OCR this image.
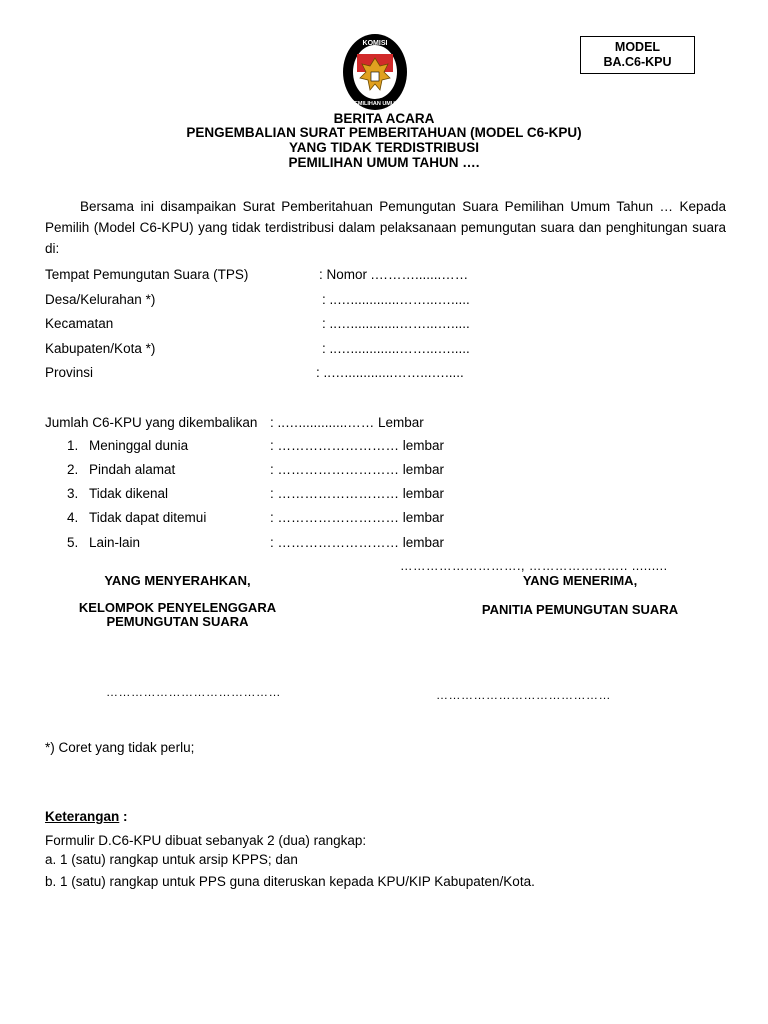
MODEL
BA.C6-KPU
KOMISI
PEMILIHAN UMUM
BERITA ACARA
PENGEMBALIAN SURAT PEMBERITAHUAN (MODEL C6-KPU)
YANG TIDAK TERDISTRIBUSI
PEMILIHAN UMUM TAHUN ….
Bersama ini disampaikan Surat Pemberitahuan Pemungutan Suara Pemilihan Umum Tahun … Kepada Pemilih (Model C6-KPU) yang tidak terdistribusi dalam pelaksanaan pemungutan suara dan penghitungan suara di:
Tempat Pemungutan Suara (TPS)	: Nomor .……….......……
Desa/Kelurahan *)	: ..….............……...….....
Kecamatan	: ..….............……...….....
Kabupaten/Kota *)	: ..….............……...….....
Provinsi	: ..….............……...….....
Jumlah C6-KPU yang dikembalikan : ..….............…… Lembar
1. Meninggal dunia	: ……………………… lembar
2. Pindah alamat	: ……………………… lembar
3. Tidak dikenal	: ……………………… lembar
4. Tidak dapat ditemui	: ……………………… lembar
5. Lain-lain	: ……………………… lembar
………………………., ………………….. .........
YANG MENYERAHKAN,
KELOMPOK PENYELENGGARA
PEMUNGUTAN SUARA
……………………………………
YANG MENERIMA,
PANITIA PEMUNGUTAN SUARA
……………………………………
*) Coret yang tidak perlu;
Keterangan :
Formulir D.C6-KPU dibuat sebanyak 2 (dua) rangkap:
a. 1 (satu) rangkap untuk arsip KPPS; dan
b. 1 (satu) rangkap untuk PPS guna diteruskan kepada KPU/KIP Kabupaten/Kota.
